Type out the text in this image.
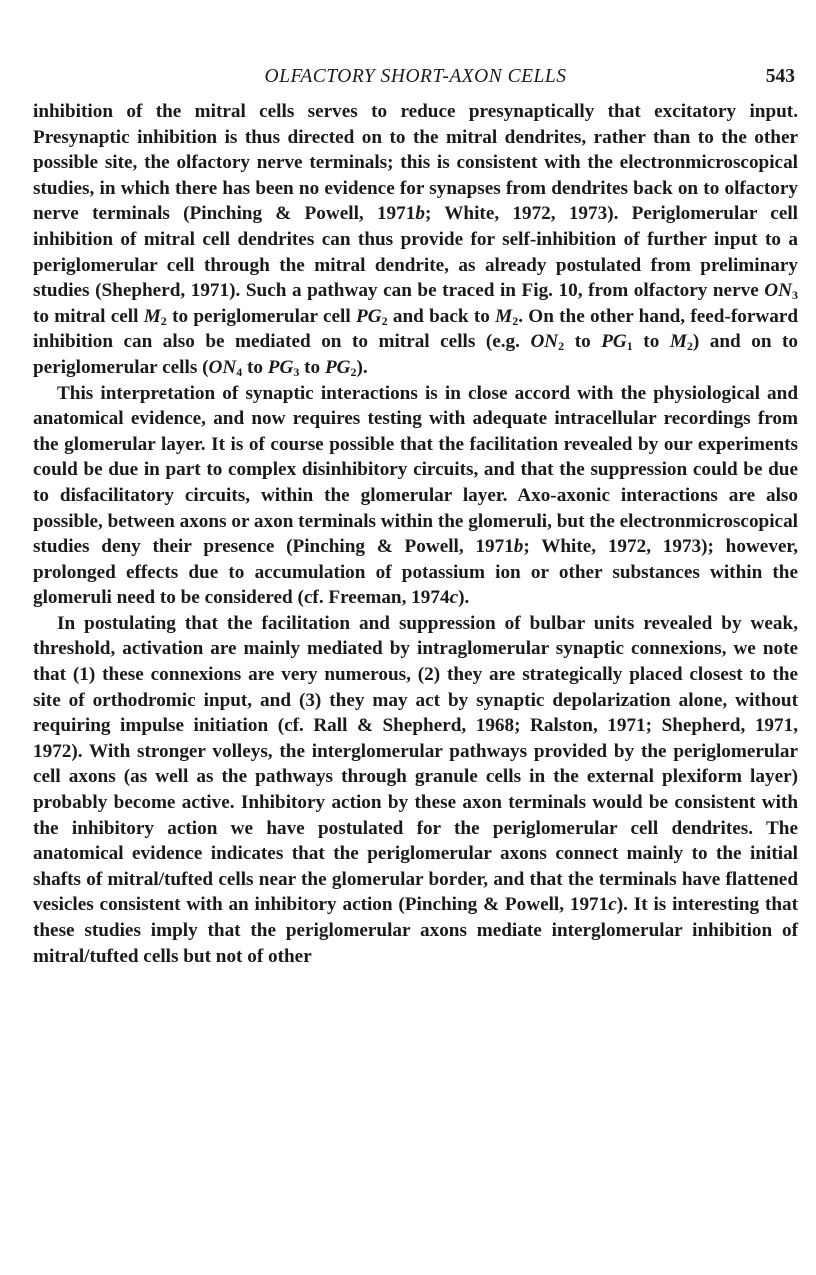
OLFACTORY SHORT-AXON CELLS	543

inhibition of the mitral cells serves to reduce presynaptically that excitatory input. Presynaptic inhibition is thus directed on to the mitral dendrites, rather than to the other possible site, the olfactory nerve terminals; this is consistent with the electronmicroscopical studies, in which there has been no evidence for synapses from dendrites back on to olfactory nerve terminals (Pinching & Powell, 1971b; White, 1972, 1973). Periglomerular cell inhibition of mitral cell dendrites can thus provide for self-inhibition of further input to a periglomerular cell through the mitral dendrite, as already postulated from preliminary studies (Shepherd, 1971). Such a pathway can be traced in Fig. 10, from olfactory nerve $ON_3$ to mitral cell $M_2$ to periglomerular cell $PG_2$ and back to $M_2$. On the other hand, feed-forward inhibition can also be mediated on to mitral cells (e.g. $ON_2$ to $PG_1$ to $M_2$) and on to periglomerular cells ($ON_4$ to $PG_3$ to $PG_2$).

This interpretation of synaptic interactions is in close accord with the physiological and anatomical evidence, and now requires testing with adequate intracellular recordings from the glomerular layer. It is of course possible that the facilitation revealed by our experiments could be due in part to complex disinhibitory circuits, and that the suppression could be due to disfacilitatory circuits, within the glomerular layer. Axo-axonic interactions are also possible, between axons or axon terminals within the glomeruli, but the electronmicroscopical studies deny their presence (Pinching & Powell, 1971b; White, 1972, 1973); however, prolonged effects due to accumulation of potassium ion or other substances within the glomeruli need to be considered (cf. Freeman, 1974c).

In postulating that the facilitation and suppression of bulbar units revealed by weak, threshold, activation are mainly mediated by intraglomerular synaptic connexions, we note that (1) these connexions are very numerous, (2) they are strategically placed closest to the site of orthodromic input, and (3) they may act by synaptic depolarization alone, without requiring impulse initiation (cf. Rall & Shepherd, 1968; Ralston, 1971; Shepherd, 1971, 1972). With stronger volleys, the interglomerular pathways provided by the periglomerular cell axons (as well as the pathways through granule cells in the external plexiform layer) probably become active. Inhibitory action by these axon terminals would be consistent with the inhibitory action we have postulated for the periglomerular cell dendrites. The anatomical evidence indicates that the periglomerular axons connect mainly to the initial shafts of mitral/tufted cells near the glomerular border, and that the terminals have flattened vesicles consistent with an inhibitory action (Pinching & Powell, 1971c). It is interesting that these studies imply that the periglomerular axons mediate interglomerular inhibition of mitral/tufted cells but not of other
